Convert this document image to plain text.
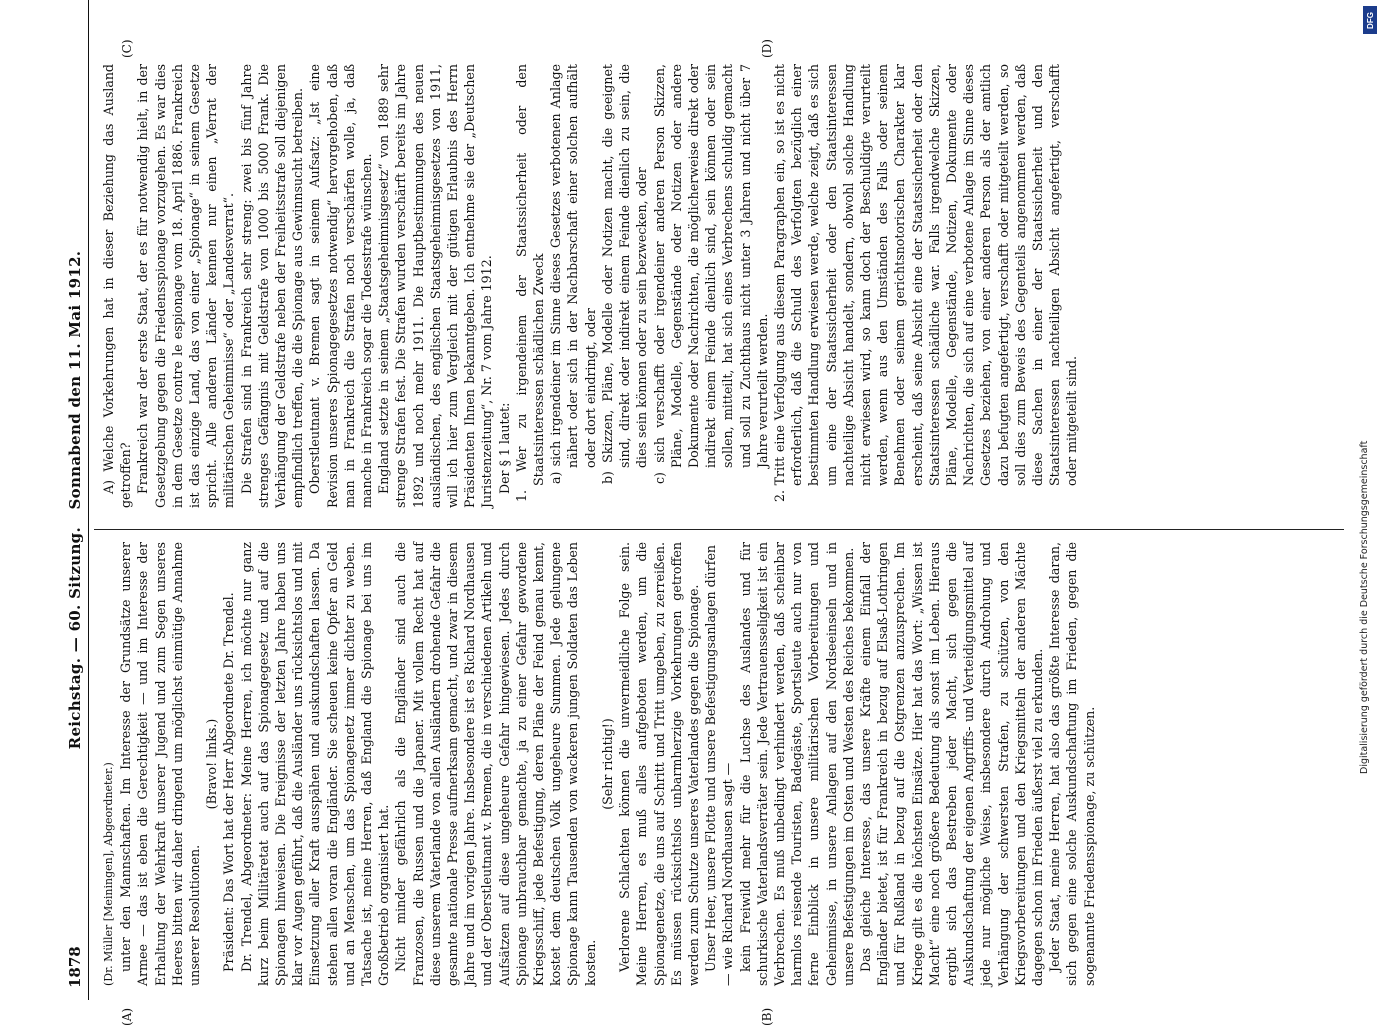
1878
Reichstag. — 60. Sitzung. Sonnabend den 11. Mai 1912.
(A)	(B)
(C)	(D)
(Dr. Müller [Meiningen], Abgeordneter.) unter den Mannschaften. Im Interesse der Grundsätze unserer Armee — das ist eben die Gerechtigkeit — und im Interesse der Erhaltung der Wehrkraft unserer Jugend und zum Segen unseres Heeres bitten wir daher dringend um möglichst einmütige Annahme unserer Resolutionen.
(Bravo! links.) Präsident: Das Wort hat der Herr Abgeordnete Dr. Trendel. Dr. Trendel, Abgeordneter: Meine Herren, ich möchte nur ganz kurz beim Militäretat auch auf das Spionagegesetz und auf die Spionagen hinweisen. Die Ereignisse der letzten Jahre haben uns klar vor Augen geführt, daß die Ausländer uns rücksichtslos und mit Einsetzung aller Kraft ausspähen und auskundschaften lassen. Da stehen allen voran die Engländer. Sie scheuen keine Opfer an Geld und an Menschen, um das Spionagenetz immer dichter zu weben. Tatsache ist, meine Herren, daß England die Spionage bei uns im Großbetrieb organisiert hat. Nicht minder gefährlich als die Engländer sind auch die Franzosen, die Russen und die Japaner. Mit vollem Recht hat auf diese unserem Vaterlande von allen Ausländern drohende Gefahr die gesamte nationale Presse aufmerksam gemacht, und zwar in diesem Jahre und im vorigen Jahre. Insbesondere ist es Richard Nordhausen und der Oberstleutnant v. Bremen, die in verschiedenen Artikeln und Aufsätzen auf diese ungeheure Gefahr hingewiesen. Jedes durch Spionage unbrauchbar gemachte, ja zu einer Gefahr gewordene Kriegsschiff, jede Befestigung, deren Pläne der Feind genau kennt, kostet dem deutschen Volk ungeheure Summen. Jede gelungene Spionage kann Tausenden von wackeren jungen Soldaten das Leben kosten.
(Sehr richtig!) Verlorene Schlachten können die unvermeidliche Folge sein. Meine Herren, es muß alles aufgeboten werden, um die Spionagenetze, die uns auf Schritt und Tritt umgeben, zu zerreißen. Es müssen rücksichtslos unbarmherzige Vorkehrungen getroffen werden zum Schutze unseres Vaterlandes gegen die Spionage. Unser Heer, unsere Flotte und unsere Befestigungsanlagen dürfen — wie Richard Nordhausen sagt — kein Freiwild mehr für die Luchse des Auslandes und für schurkische Vaterlandsverräter sein. Jede Vertrauensseligkeit ist ein Verbrechen. Es muß unbedingt verhindert werden, daß scheinbar harmlos reisende Touristen, Badegäste, Sportsleute auch nur von ferne Einblick in unsere militärischen Vorbereitungen und Geheimnisse, in unsere Anlagen auf den Nordseeinseln und in unsere Befestigungen im Osten und Westen des Reiches bekommen. Das gleiche Interesse, das unsere Kräfte einem Einfall der Engländer bietet, ist für Frankreich in bezug auf Elsaß-Lothringen und für Rußland in bezug auf die Ostgrenzen anzusprechen. Im Kriege gilt es die höchsten Einsätze. Hier hat das Wort: „Wissen ist Macht“ eine noch größere Bedeutung als sonst im Leben. Hieraus ergibt sich das Bestreben jeder Macht, sich gegen die Auskundschaftung der eigenen Angriffs- und Verteidigungsmittel auf jede nur mögliche Weise, insbesondere durch Androhung und Verhängung der schwersten Strafen, zu schützen, von den Kriegsvorbereitungen und den Kriegsmitteln der anderen Mächte dagegen schon im Frieden äußerst viel zu erkunden. Jeder Staat, meine Herren, hat also das größte Interesse daran, sich gegen eine solche Auskundschaftung im Frieden, gegen die sogenannte Friedensspionage, zu schützen.
A) Welche Vorkehrungen hat in dieser Beziehung das Ausland getroffen? Frankreich war der erste Staat, der es für notwendig hielt, in der Gesetzgebung gegen die Friedensspionage vorzugehen. Es war dies in dem Gesetze contre le espionage vom 18. April 1886. Frankreich ist das einzige Land, das von einer „Spionage“ in seinem Gesetze spricht. Alle anderen Länder kennen nur einen „Verrat der militärischen Geheimnisse“ oder „Landesverrat“. Die Strafen sind in Frankreich sehr streng: zwei bis fünf Jahre strenges Gefängnis mit Geldstrafe von 1000 bis 5000 Frank. Die Verhängung der Geldstrafe neben der Freiheitsstrafe soll diejenigen empfindlich treffen, die die Spionage aus Gewinnsucht betreiben. Oberstleutnant v. Bremen sagt in seinem Aufsatz: „Ist eine Revision unseres Spionagegesetzes notwendig“ hervorgehoben, daß man in Frankreich die Strafen noch verschärfen wolle, ja, daß manche in Frankreich sogar die Todesstrafe wünschen. England setzte in seinem „Staatsgeheimnisgesetz“ von 1889 sehr strenge Strafen fest. Die Strafen wurden verschärft bereits im Jahre 1892 und noch mehr 1911. Die Hauptbestimmungen des neuen ausländischen, des englischen Staatsgeheimnisgesetzes von 1911, will ich hier zum Vergleich mit der gütigen Erlaubnis des Herrn Präsidenten Ihnen bekanntgeben. Ich entnehme sie der „Deutschen Juristenzeitung“, Nr. 7 vom Jahre 1912. Der § 1 lautet: 1. Wer zu irgendeinem der Staatssicherheit oder den Staatsinteressen schädlichen Zweck a) sich irgendeiner im Sinne dieses Gesetzes verbotenen Anlage nähert oder sich in der Nachbarschaft einer solchen aufhält oder dort eindringt, oder b) Skizzen, Pläne, Modelle oder Notizen macht, die geeignet sind, direkt oder indirekt einem Feinde dienlich zu sein, die dies sein können oder zu sein bezwecken, oder c) sich verschafft oder irgendeiner anderen Person Skizzen, Pläne, Modelle, Gegenstände oder Notizen oder andere Dokumente oder Nachrichten, die möglicherweise direkt oder indirekt einem Feinde dienlich sind, sein können oder sein sollen, mitteilt, hat sich eines Verbrechens schuldig gemacht und soll zu Zuchthaus nicht unter 3 Jahren und nicht über 7 Jahre verurteilt werden. 2. Tritt eine Verfolgung aus diesem Paragraphen ein, so ist es nicht erforderlich, daß die Schuld des Verfolgten bezüglich einer bestimmten Handlung erwiesen werde, welche zeigt, daß es sich um eine der Staatssicherheit oder den Staatsinteressen nachteilige Absicht handelt, sondern, obwohl solche Handlung nicht erwiesen wird, so kann doch der Beschuldigte verurteilt werden, wenn aus den Umständen des Falls oder seinem Benehmen oder seinem gerichtsnotorischen Charakter klar erscheint, daß seine Absicht eine der Staatssicherheit oder den Staatsinteressen schädliche war. Falls irgendwelche Skizzen, Pläne, Modelle, Gegenstände, Notizen, Dokumente oder Nachrichten, die sich auf eine verbotene Anlage im Sinne dieses Gesetzes beziehen, von einer anderen Person als der amtlich dazu befugten angefertigt, verschafft oder mitgeteilt werden, so soll dies zum Beweis des Gegenteils angenommen werden, daß diese Sachen in einer der Staatssicherheit und den Staatsinteressen nachteiligen Absicht angefertigt, verschafft oder mitgeteilt sind.
Digitalisierung gefördert durch die Deutsche Forschungsgemeinschaft
DFG
